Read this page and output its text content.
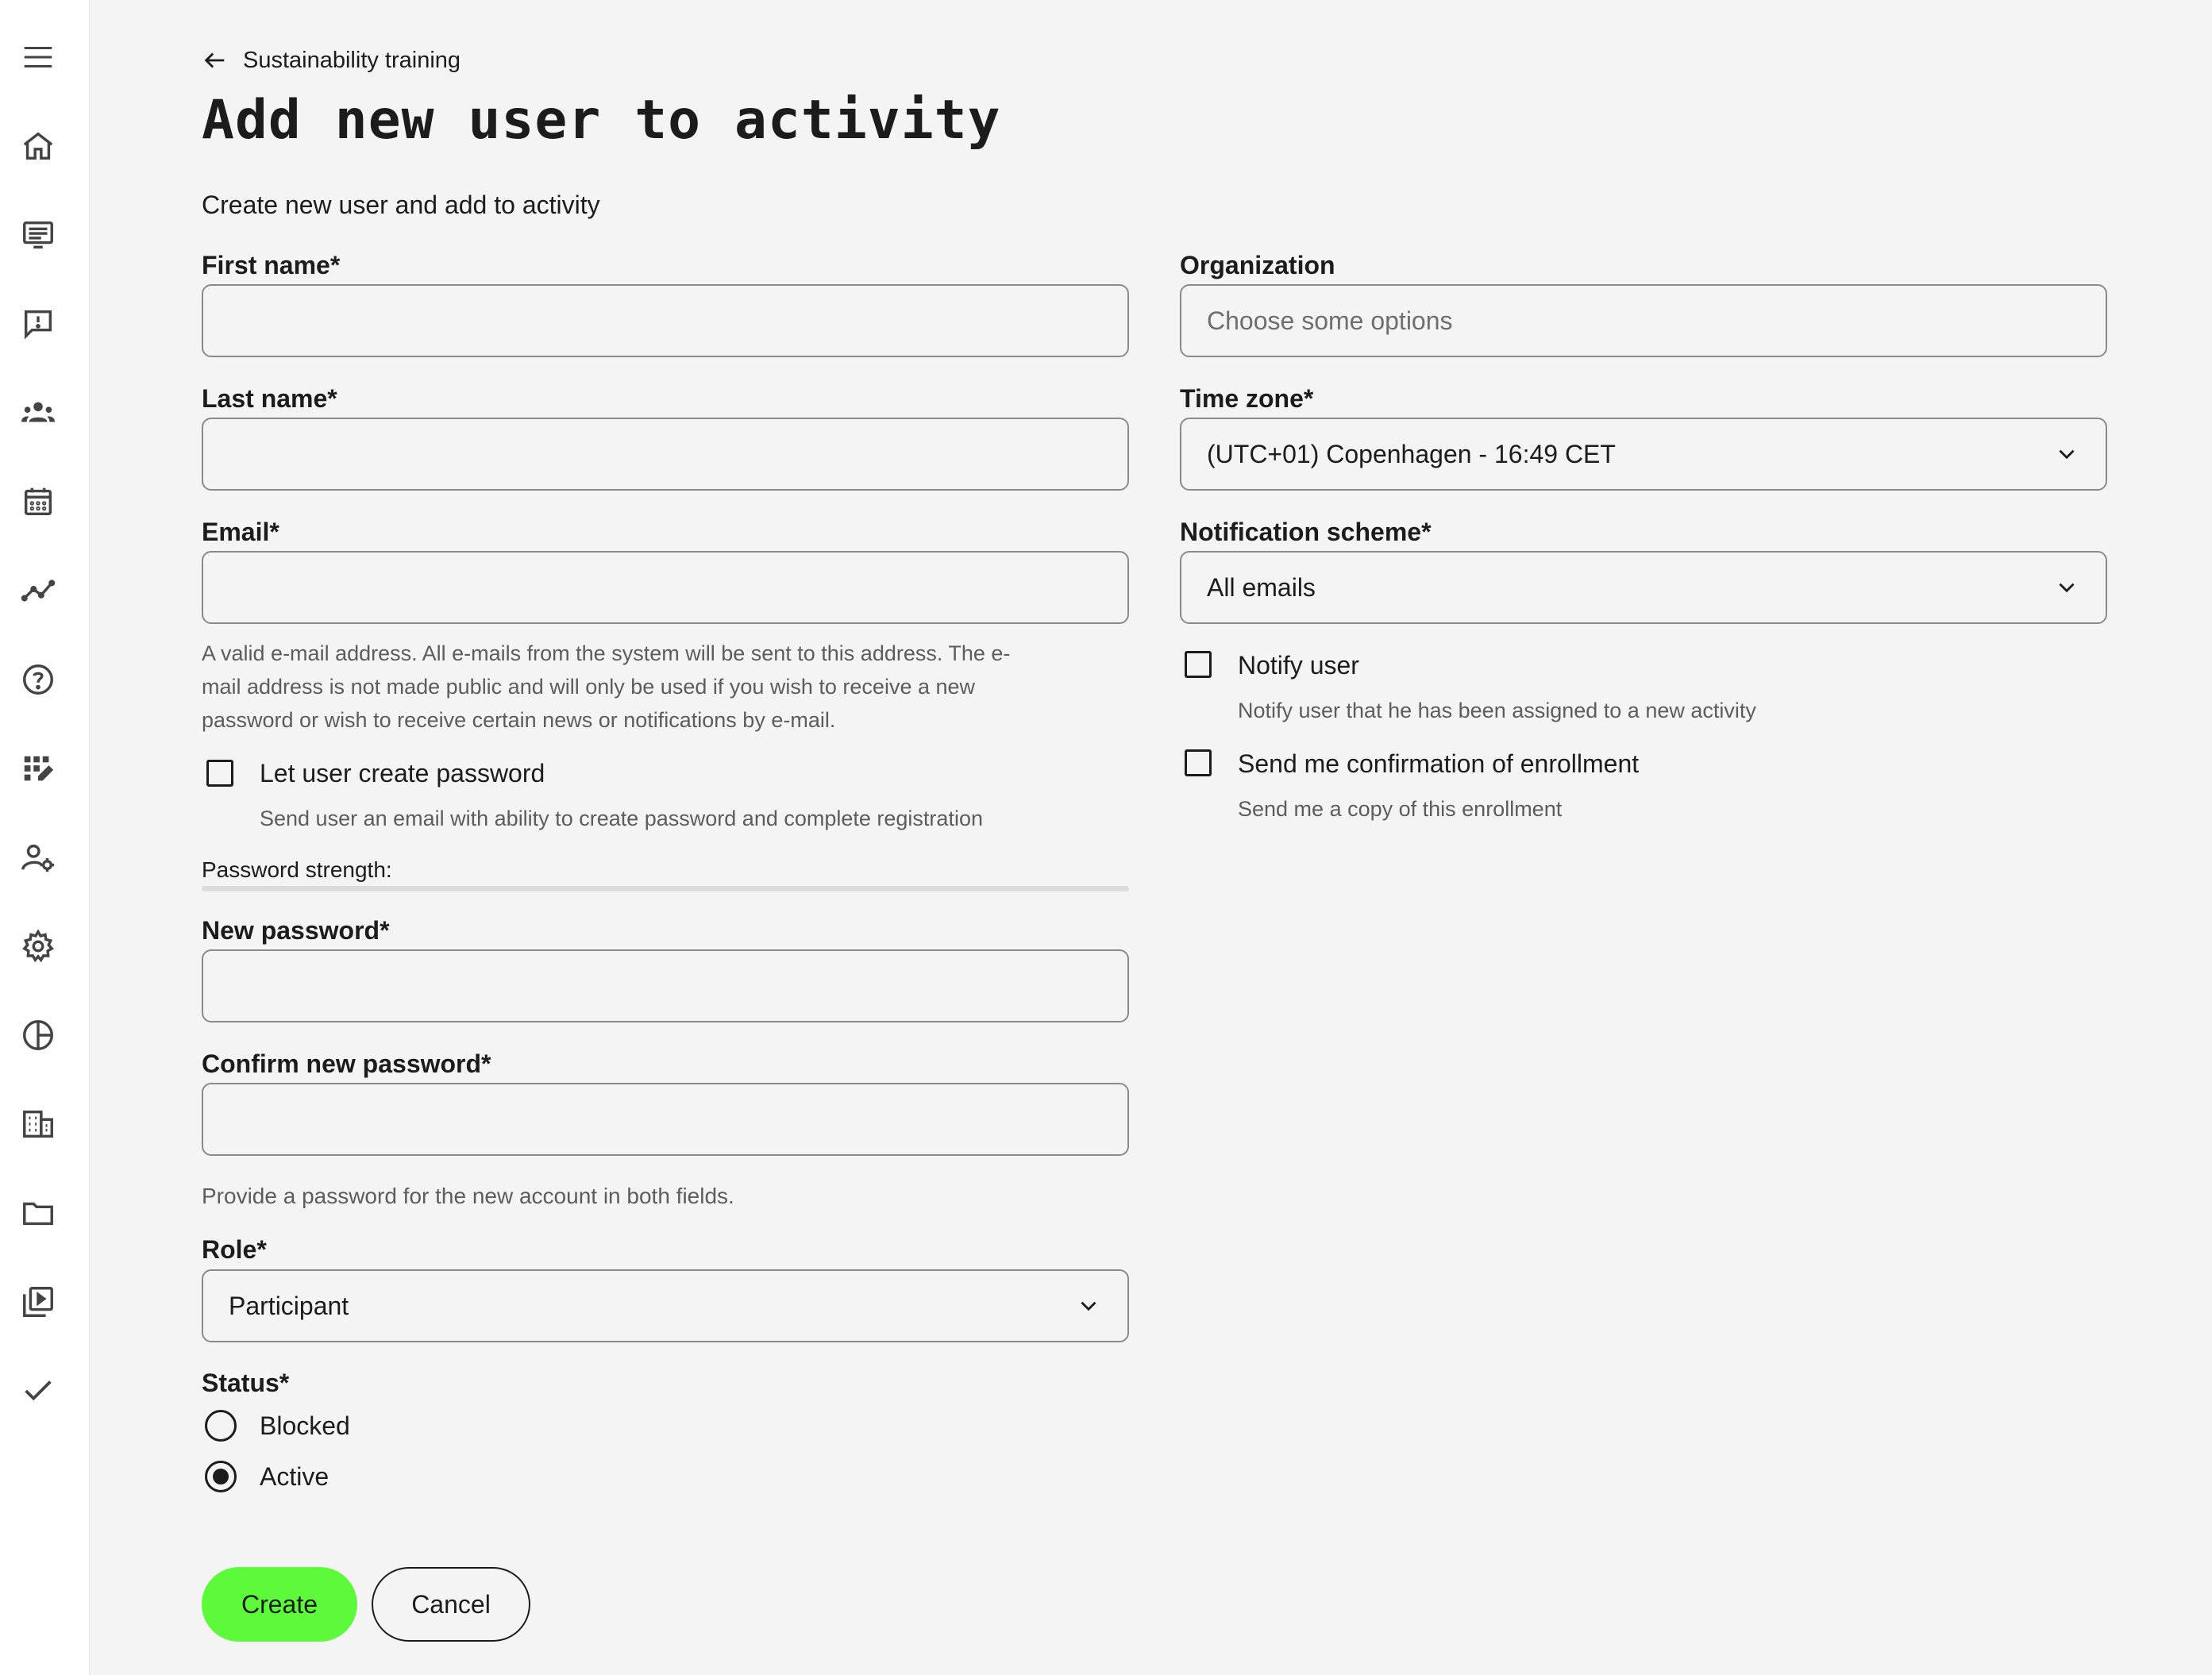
Sustainability training
Add new user to activity
Create new user and add to activity
First name*
Last name*
Email*
A valid e-mail address. All e-mails from the system will be sent to this address. The e-
mail address is not made public and will only be used if you wish to receive a new
password or wish to receive certain news or notifications by e-mail.
Let user create password
Send user an email with ability to create password and complete registration
Password strength:
New password*
Confirm new password*
Provide a password for the new account in both fields.
Role*
Participant
Status*
Blocked
Active
Create	Cancel
Organization
Choose some options
Time zone*
(UTC+01) Copenhagen - 16:49 CET
Notification scheme*
All emails
Notify user
Notify user that he has been assigned to a new activity
Send me confirmation of enrollment
Send me a copy of this enrollment
